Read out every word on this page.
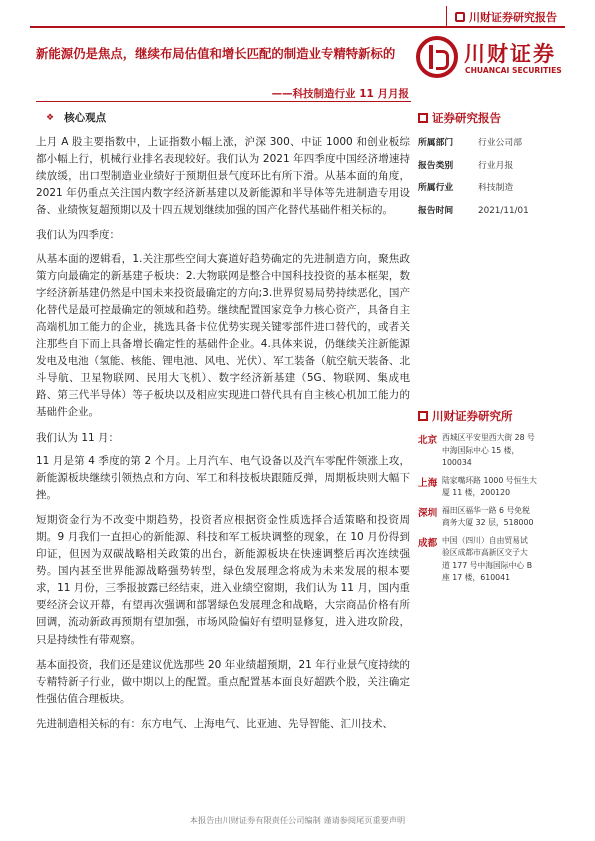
川财证券研究报告
新能源仍是焦点，继续布局估值和增长匹配的制造业专精特新标的
——科技制造行业 11 月月报
川财证券
CHUANCAI SECURITIES
❖ 核心观点

上月 A 股主要指数中，上证指数小幅上涨，沪深 300、中证 1000 和创业板综都小幅上行，机械行业排名表现较好。我们认为 2021 年四季度中国经济增速持续放缓，出口型制造业业绩好于预期但景气度环比有所下滑。从基本面的角度，2021 年仍重点关注国内数字经济新基建以及新能源和半导体等先进制造专用设备、业绩恢复超预期以及十四五规划继续加强的国产化替代基础件相关标的。

我们认为四季度：

从基本面的逻辑看，1.关注那些空间大赛道好趋势确定的先进制造方向，聚焦政策方向最确定的新基建子板块：2.大物联网是整合中国科技投资的基本框架，数字经济新基建仍然是中国未来投资最确定的方向;3.世界贸易局势持续恶化，国产化替代是最可控最确定的领域和趋势。继续配置国家竞争力核心资产，具备自主高端机加工能力的企业，挑选具备卡位优势实现关键零部件进口替代的，或者关注那些自下而上具备增长确定性的基础件企业。4.具体来说，仍继续关注新能源发电及电池（氢能、核能、锂电池、风电、光伏）、军工装备（航空航天装备、北斗导航、卫星物联网、民用大飞机）、数字经济新基建（5G、物联网、集成电路、第三代半导体）等子板块以及相应实现进口替代具有自主核心机加工能力的基础件企业。

我们认为 11 月：

11 月是第 4 季度的第 2 个月。上月汽车、电气设备以及汽车零配件领涨上攻，新能源板块继续引领热点和方向、军工和科技板块跟随反弹，周期板块则大幅下挫。

短期资金行为不改变中期趋势，投资者应根据资金性质选择合适策略和投资周期。9 月我们一直担心的新能源、科技和军工板块调整的现象，在 10 月份得到印证，但因为双碳战略相关政策的出台，新能源板块在快速调整后再次连续强势。国内甚至世界能源战略强势转型，绿色发展理念将成为未来发展的根本要求，11 月份，三季报披露已经结束，进入业绩空窗期，我们认为 11 月，国内重要经济会议开幕，有望再次强调和部署绿色发展理念和战略，大宗商品价格有所回调，流动新政再预期有望加强，市场风险偏好有望明显修复，进入进攻阶段，只是持续性有带观察。

基本面投资，我们还是建议优选那些 20 年业绩超预期，21 年行业景气度持续的专精特新子行业，做中期以上的配置。重点配置基本面良好超跌个股，关注确定性强估值合理板块。

先进制造相关标的有：东方电气、上海电气、比亚迪、先导智能、汇川技术、

证券研究报告
所属部门	行业公司部
报告类别	行业月报
所属行业	科技制造
报告时间	2021/11/01
川财证券研究所
北京 西城区平安里西大街 28 号
中海国际中心 15 楼，
100034
上海 陆家嘴环路 1000 号恒生大
厦 11 楼，200120
深圳 福田区福华一路 6 号免税
商务大厦 32 层，518000
成都 中国（四川）自由贸易试
验区成都市高新区交子大
道 177 号中海国际中心 B
座 17 楼，610041
本报告由川财证券有限责任公司编制 谨请参阅尾页重要声明
